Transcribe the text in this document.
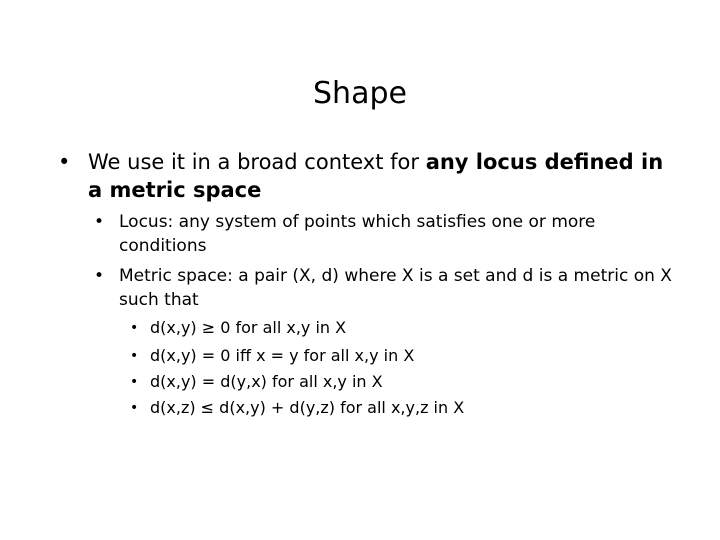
Shape
• We use it in a broad context for any locus defined in a metric space
• Locus: any system of points which satisfies one or more conditions
• Metric space: a pair (X, d) where X is a set and d is a metric on X such that
• d(x,y) ≥ 0 for all x,y in X
• d(x,y) = 0 iff x = y for all x,y in X
• d(x,y) = d(y,x) for all x,y in X
• d(x,z) ≤ d(x,y) + d(y,z) for all x,y,z in X
